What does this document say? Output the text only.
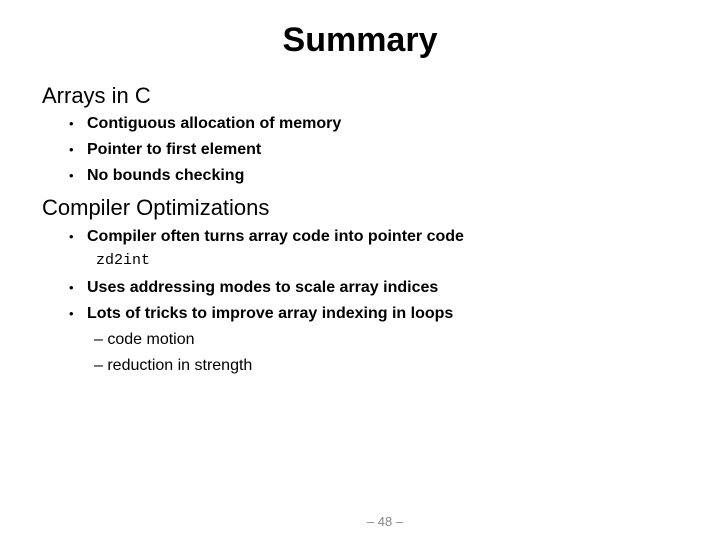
Summary
Arrays in C
• Contiguous allocation of memory
• Pointer to first element
• No bounds checking
Compiler Optimizations
• Compiler often turns array code into pointer code
zd2int
• Uses addressing modes to scale array indices
• Lots of tricks to improve array indexing in loops
– code motion
– reduction in strength
– 48 –
